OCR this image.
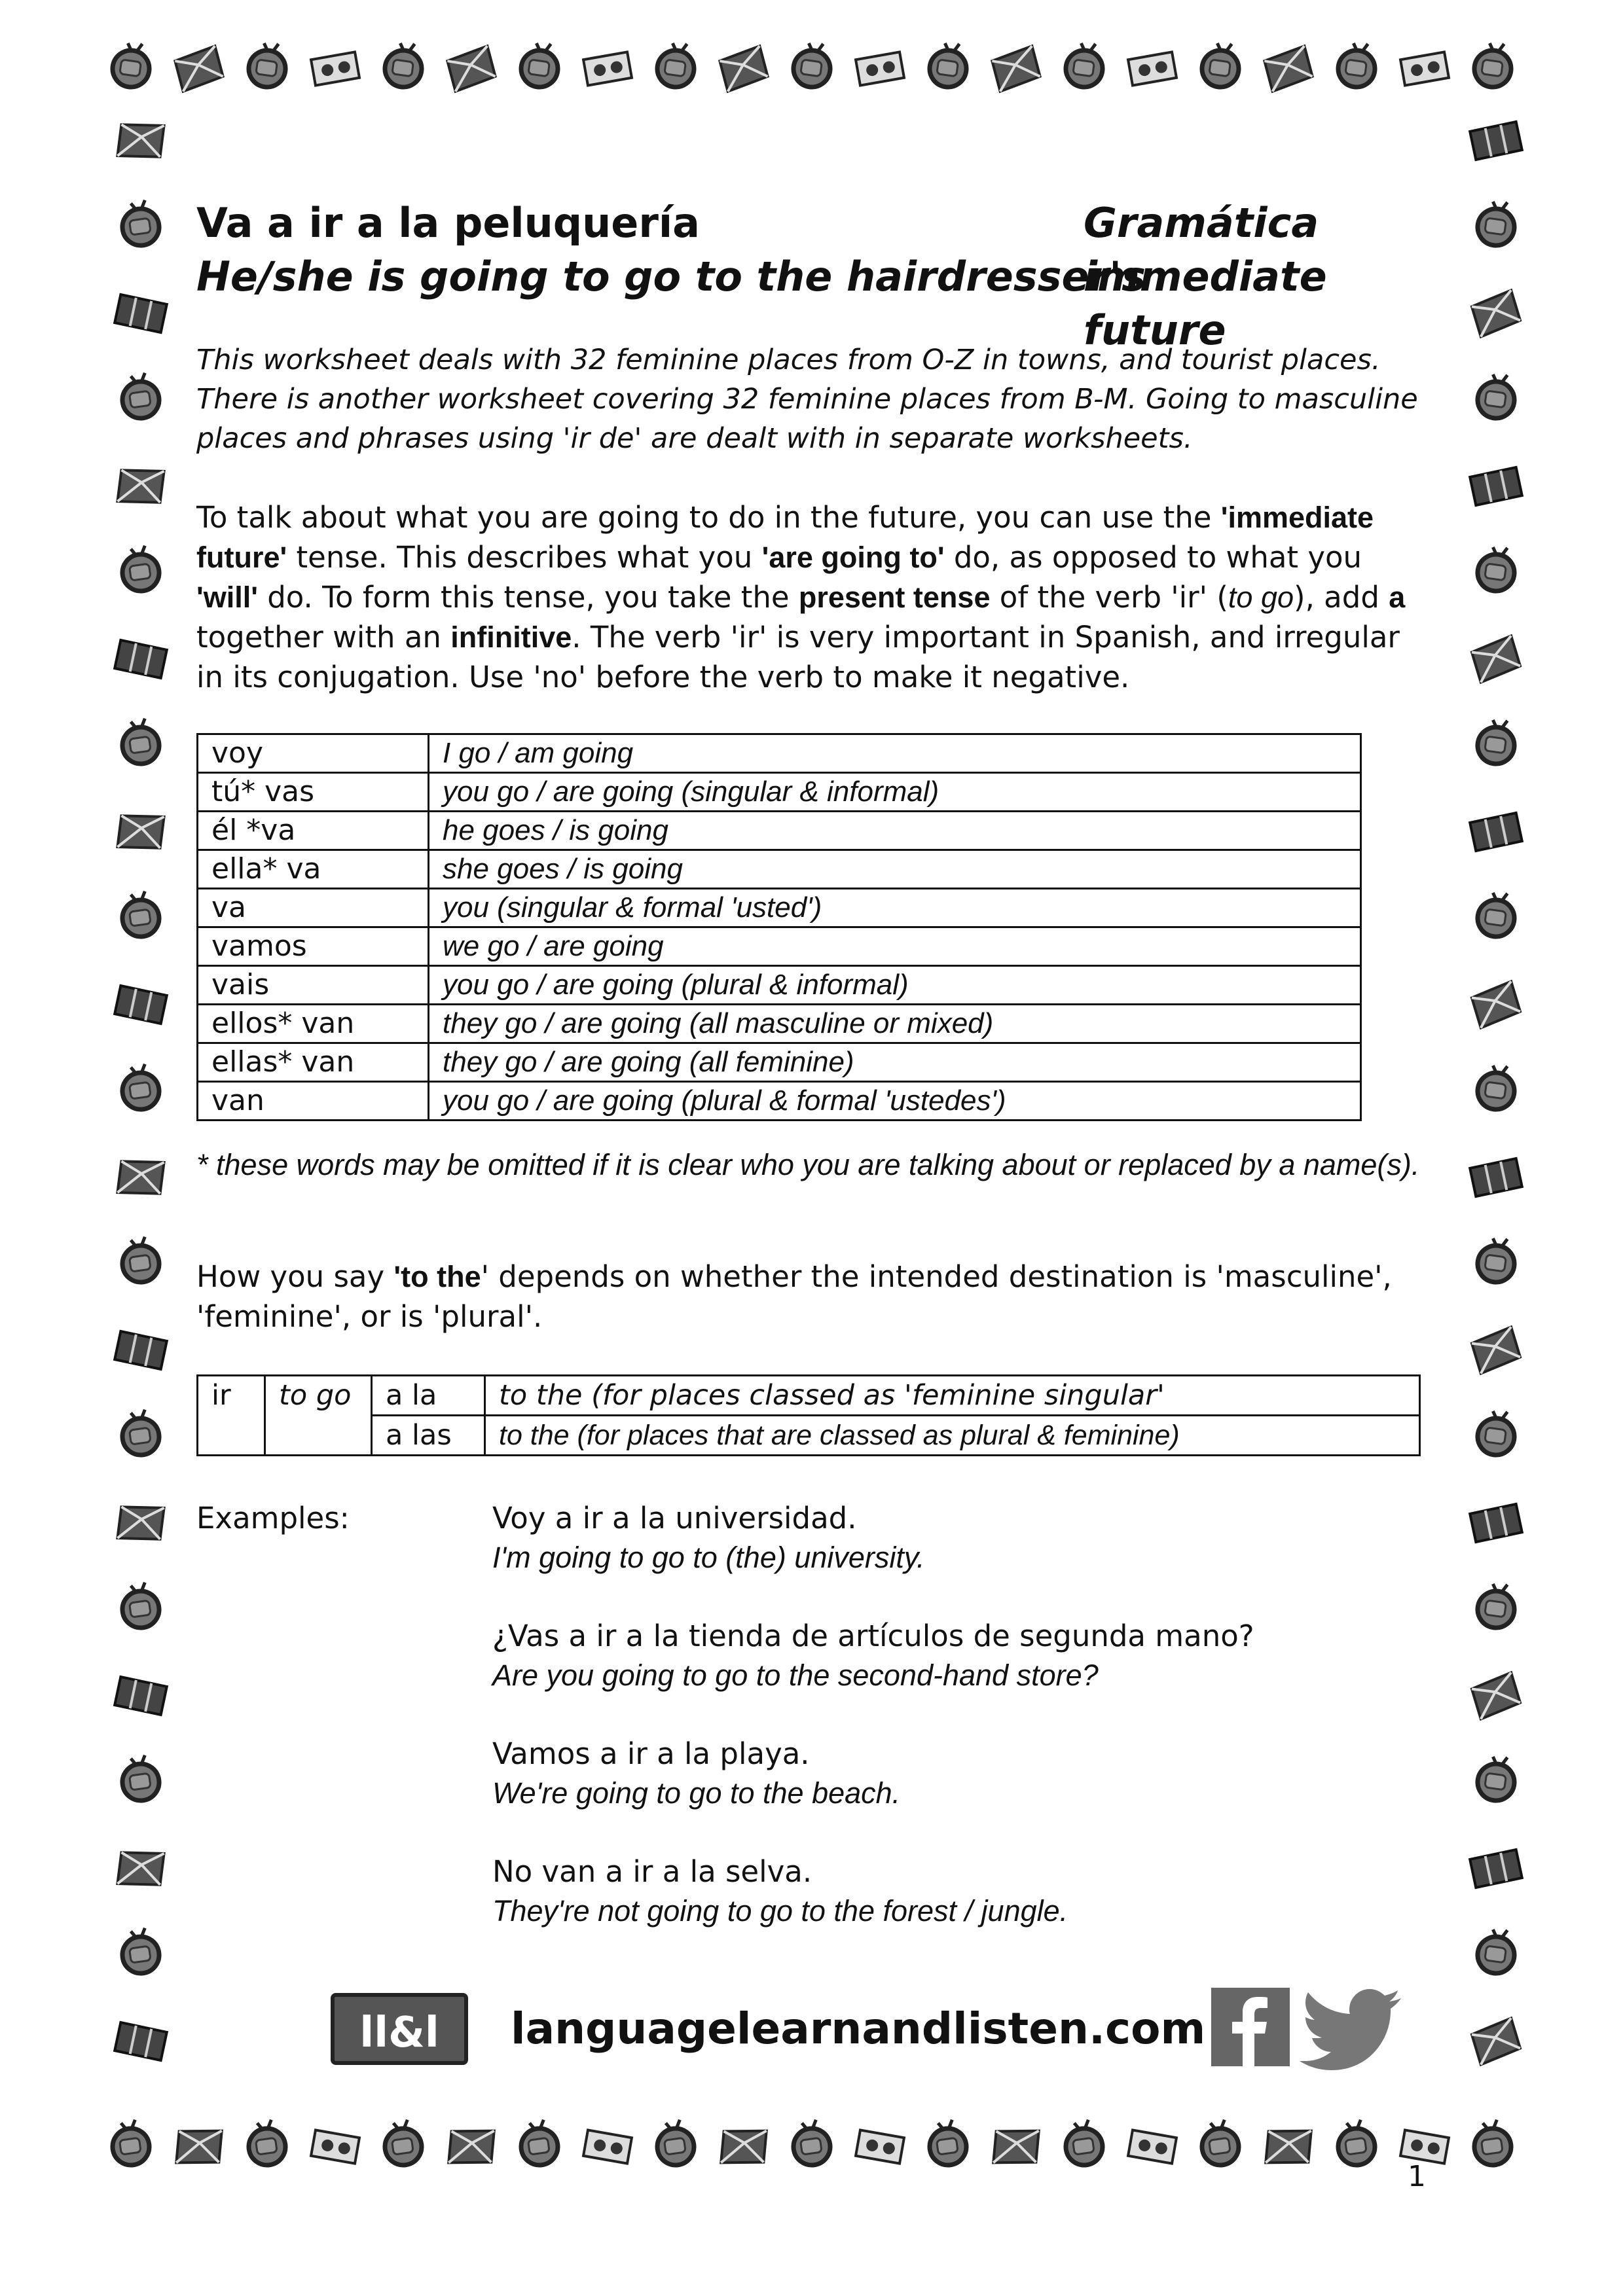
Va a ir a la peluquería
He/she is going to go to the hairdresser's
Gramática
immediate future
This worksheet deals with 32 feminine places from O-Z in towns, and tourist places. There is another worksheet covering 32 feminine places from B-M. Going to masculine places and phrases using 'ir de' are dealt with in separate worksheets.
To talk about what you are going to do in the future, you can use the 'immediate future' tense. This describes what you 'are going to' do, as opposed to what you 'will' do. To form this tense, you take the present tense of the verb 'ir' (to go), add a together with an infinitive. The verb 'ir' is very important in Spanish, and irregular in its conjugation. Use 'no' before the verb to make it negative.
voy	I go / am going
tú* vas	you go / are going (singular & informal)
él *va	he goes / is going
ella* va	she goes / is going
va	you (singular & formal 'usted')
vamos	we go / are going
vais	you go / are going (plural & informal)
ellos* van	they go / are going (all masculine or mixed)
ellas* van	they go / are going (all feminine)
van	you go / are going (plural & formal 'ustedes')
* these words may be omitted if it is clear who you are talking about or replaced by a name(s).
How you say 'to the' depends on whether the intended destination is 'masculine', 'feminine', or is 'plural'.
ir	to go	a la	to the (for places classed as 'feminine singular'
		a las	to the (for places that are classed as plural & feminine)
Examples:	Voy a ir a la universidad.
I'm going to go to (the) university.
¿Vas a ir a la tienda de artículos de segunda mano?
Are you going to go to the second-hand store?
Vamos a ir a la playa.
We're going to go to the beach.
No van a ir a la selva.
They're not going to go to the forest / jungle.
ll&l	languagelearnandlisten.com
1
